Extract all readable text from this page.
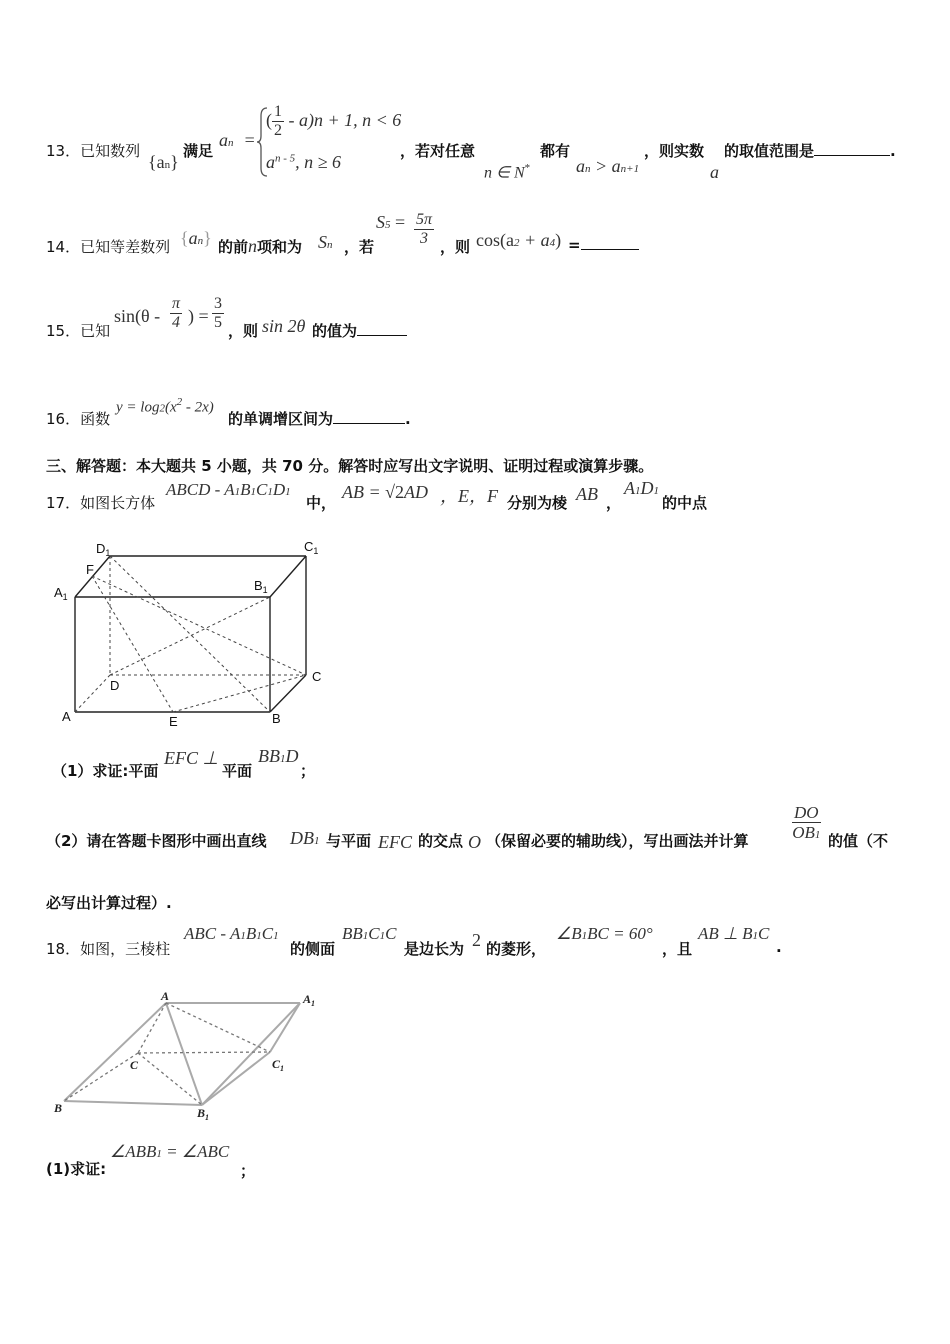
13．已知数列
{an}
满足
an =
( $\frac{1}{2} - a)n + 1$, n < 6
$a^{n - 5}$, n ≥ 6
，若对任意
n ∈ N*
都有
an > an+1
，则实数
a
的取值范围是	.
14．已知等差数列 {an} 的前n项和为 Sn ，若
$S5 = \frac{5\pi}{3}$ ，则 cos(a2 + a4) =
15．已知
$\sin(\theta - \frac{\pi}{4}$ ) = $\frac{3}{5}$ ，则 sin 2θ 的值为
16．函数
$y = \log 2(x^2 - 2x)$
的单调增区间为	.
三、解答题：本大题共 5 小题，共 70 分。解答时应写出文字说明、证明过程或演算步骤。
17．如图长方体
ABCD - A1B1C1D1
中，
AB = √2AD ，E，F 分别为棱 AB ，
A1D1
的中点
$D_1$	$C_1$
F
$A_1$
$B_1$
C
D
A	E	B
（1）求证:平面
EFC ⊥
平面
BB1D
；
（2）请在答题卡图形中画出直线 DB1 与平面 EFC 的交点 O （保留必要的辅助线），写出画法并计算	$\frac{DO}{OB1}$ 的值（不
必写出计算过程）.
18．如图，三棱柱
ABC - A1B1C1
的侧面
BB1C1C
是边长为 2 的菱形，
∠B1BC = 60°
，且
AB ⊥ B1C
.
A	$A_1$
C	$C_1$
B	$B_1$
(1)求证:
∠ABB1 = ∠ABC
；
